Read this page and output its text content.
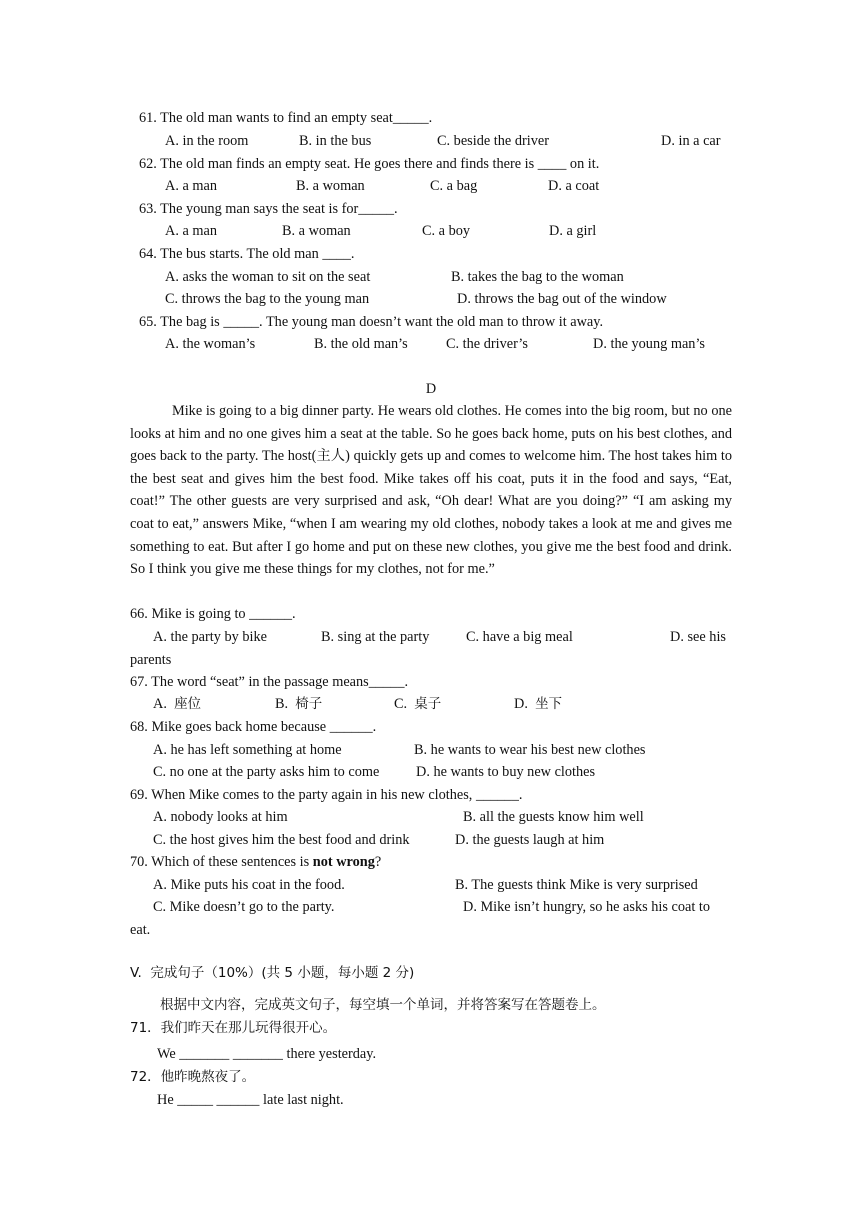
61. The old man wants to find an empty seat_____.
A. in the room	B. in the bus	C. beside the driver	D. in a car
62. The old man finds an empty seat. He goes there and finds there is ____ on it.
A. a man	B. a woman	C. a bag	D. a coat
63. The young man says the seat is for_____.
A. a man	B. a woman	C. a boy	D. a girl
64. The bus starts. The old man ____.
A. asks the woman to sit on the seat	B. takes the bag to the woman
C. throws the bag to the young man	D. throws the bag out of the window
65. The bag is _____. The young man doesn’t want the old man to throw it away.
A. the woman’s	B. the old man’s	C. the driver’s	D. the young man’s
D
Mike is going to a big dinner party. He wears old clothes. He comes into the big room, but no one looks at him and no one gives him a seat at the table. So he goes back home, puts on his best clothes, and goes back to the party. The host(主人) quickly gets up and comes to welcome him. The host takes him to the best seat and gives him the best food. Mike takes off his coat, puts it in the food and says, “Eat, coat!” The other guests are very surprised and ask, “Oh dear! What are you doing?” “I am asking my coat to eat,” answers Mike, “when I am wearing my old clothes, nobody takes a look at me and gives me something to eat. But after I go home and put on these new clothes, you give me the best food and drink. So I think you give me these things for my clothes, not for me.”
66. Mike is going to ______.
A. the party by bike	B. sing at the party	C. have a big meal	D. see his
parents
67. The word “seat” in the passage means_____.
A. 座位	B. 椅子	C. 桌子	D. 坐下
68. Mike goes back home because ______.
A. he has left something at home	B. he wants to wear his best new clothes
C. no one at the party asks him to come	D. he wants to buy new clothes
69. When Mike comes to the party again in his new clothes, ______.
A. nobody looks at him	B. all the guests know him well
C. the host gives him the best food and drink	D. the guests laugh at him
70. Which of these sentences is not wrong?
A. Mike puts his coat in the food.	B. The guests think Mike is very surprised
C. Mike doesn’t go to the party.	D. Mike isn’t hungry, so he asks his coat to
eat.
V.  完成句子（10%）(共 5 小题，每小题 2 分)
根据中文内容，完成英文句子，每空填一个单词，并将答案写在答题卷上。
71．我们昨天在那儿玩得很开心。
We _______ _______ there yesterday.
72．他昨晚熬夜了。
He _____ ______ late last night.
